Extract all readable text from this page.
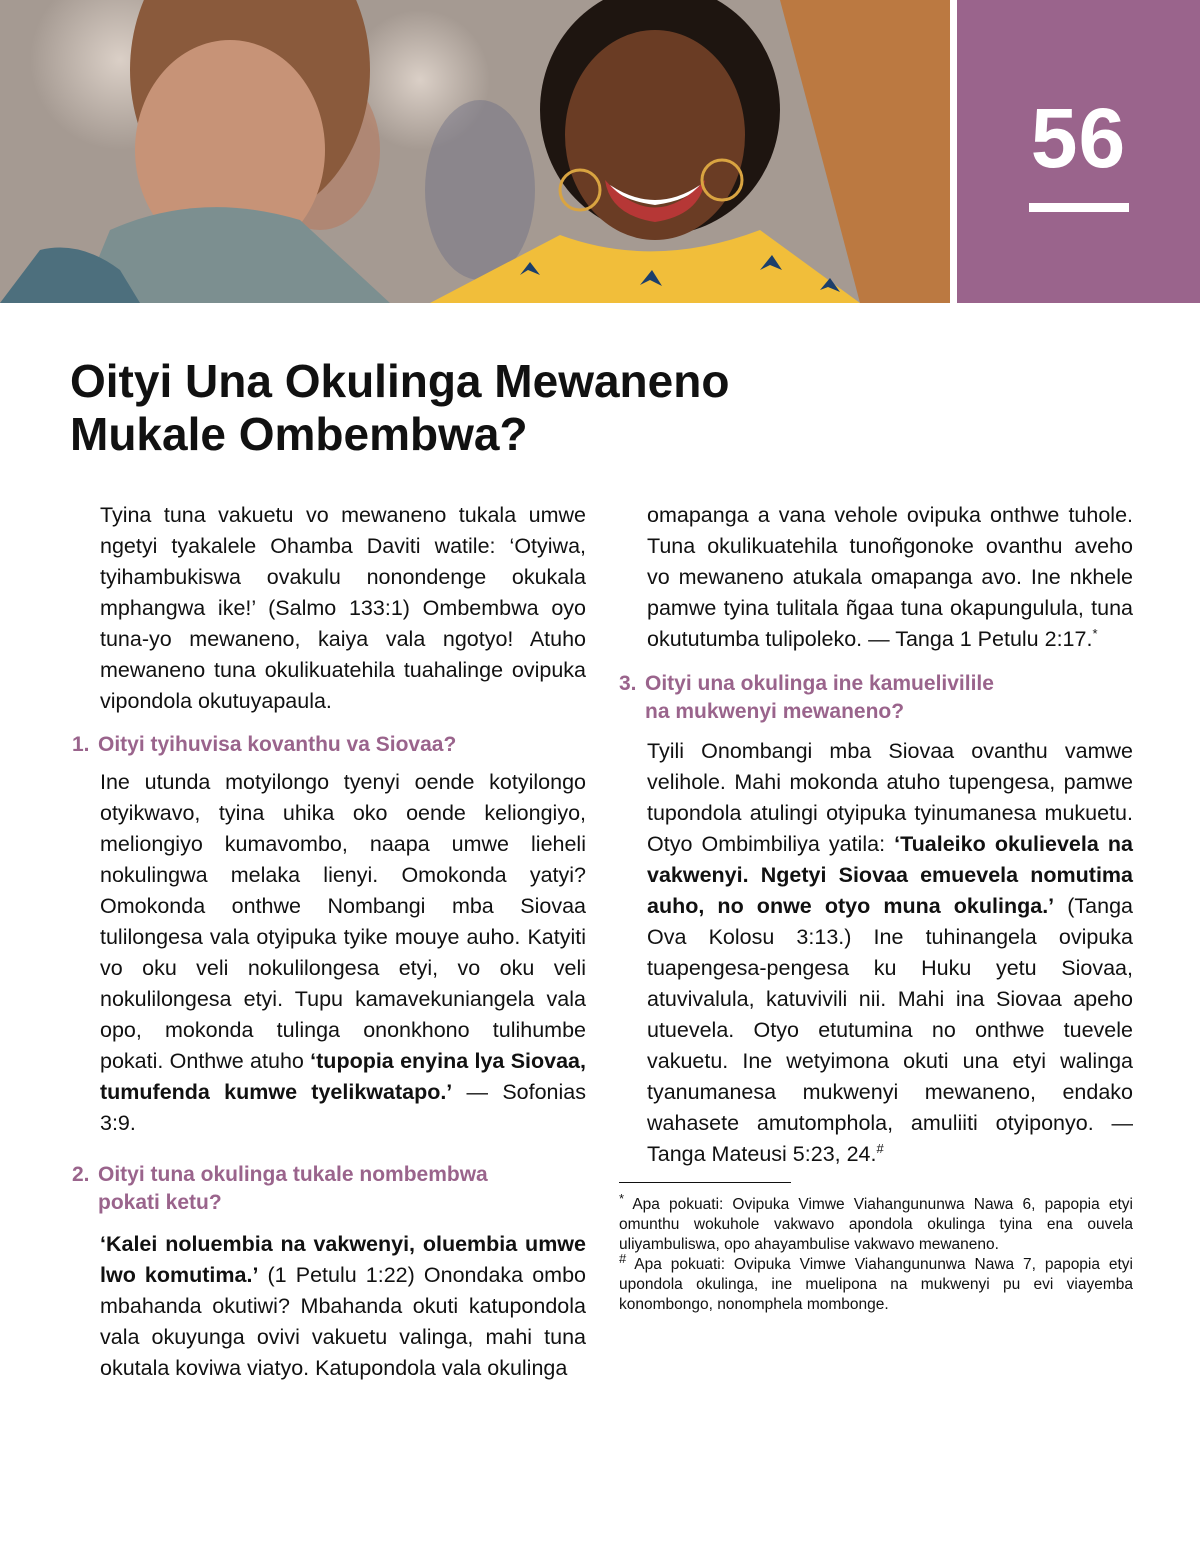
56
Oityi Una Okulinga Mewaneno
Mukale Ombembwa?

Tyina tuna vakuetu vo mewaneno tukala umwe ngetyi tyakalele Ohamba Daviti watile: ‘Otyiwa, tyihambukiswa ovakulu nonondenge okukala mphangwa ike!’ (Salmo 133:1) Ombembwa oyo tuna-yo mewaneno, kaiya vala ngotyo! Atuho mewaneno tuna okulikuatehila tuahalinge ovipuka vipondola okutuyapaula.

1. Oityi tyihuvisa kovanthu va Siovaa?

Ine utunda motyilongo tyenyi oende kotyilongo otyikwavo, tyina uhika oko oende keliongiyo, meliongiyo kumavombo, naapa umwe lieheli nokulingwa melaka lienyi. Omokonda yatyi? Omokonda onthwe Nombangi mba Siovaa tulilongesa vala otyipuka tyike mouye auho. Katyiti vo oku veli nokulilongesa etyi, vo oku veli nokulilongesa etyi. Tupu kamavekuniangela vala opo, mokonda tulinga ononkhono tulihumbe pokati. Onthwe atuho ‘tupopia enyina lya Siovaa, tumufenda kumwe tyelikwatapo.’ — Sofonias 3:9.

2. Oityi tuna okulinga tukale nombembwa
pokati ketu?

‘Kalei noluembia na vakwenyi, oluembia umwe lwo komutima.’ (1 Petulu 1:22) Onondaka ombo mbahanda okutiwi? Mbahanda okuti katupondola vala okuyunga ovivi vakuetu valinga, mahi tuna okutala koviwa viatyo. Katupondola vala okulinga

3. Oityi una okulinga ine kamuelivilile
na mukwenyi mewaneno?

Tyili Onombangi mba Siovaa ovanthu vamwe velihole. Mahi mokonda atuho tupengesa, pamwe tupondola atulingi otyipuka tyinumanesa mukuetu. Otyo Ombimbiliya yatila: ‘Tualeiko okulievela na vakwenyi. Ngetyi Siovaa emuevela nomutima auho, no onwe otyo muna okulinga.’ (Tanga Ova Kolosu 3:13.) Ine tuhinangela ovipuka tuapengesa-pengesa ku Huku yetu Siovaa, atuvivalula, katuvivili nii. Mahi ina Siovaa apeho utuevela. Otyo etutumina no onthwe tuevele vakuetu. Ine wetyimona okuti una etyi walinga tyanumanesa mukwenyi mewaneno, endako wahasete amutomphola, amuliiti otyiponyo. — Tanga Mateusi 5:23, 24.#

* Apa pokuati: Ovipuka Vimwe Viahangununwa Nawa 6, papopia etyi omunthu wokuhole vakwavo apondola okulinga tyina ena ouvela uliyambuliswa, opo ahayambulise vakwavo mewaneno.

# Apa pokuati: Ovipuka Vimwe Viahangununwa Nawa 7, papopia etyi upondola okulinga, ine muelipona na mukwenyi pu evi viayemba konombongo, nonomphela mombonge.

omapanga a vana vehole ovipuka onthwe tuhole. Tuna okulikuatehila tunoñgonoke ovanthu aveho vo mewaneno atukala omapanga avo. Ine nkhele pamwe tyina tulitala ñgaa tuna okapungulula, tuna okututumba tulipoleko. — Tanga 1 Petulu 2:17.*
